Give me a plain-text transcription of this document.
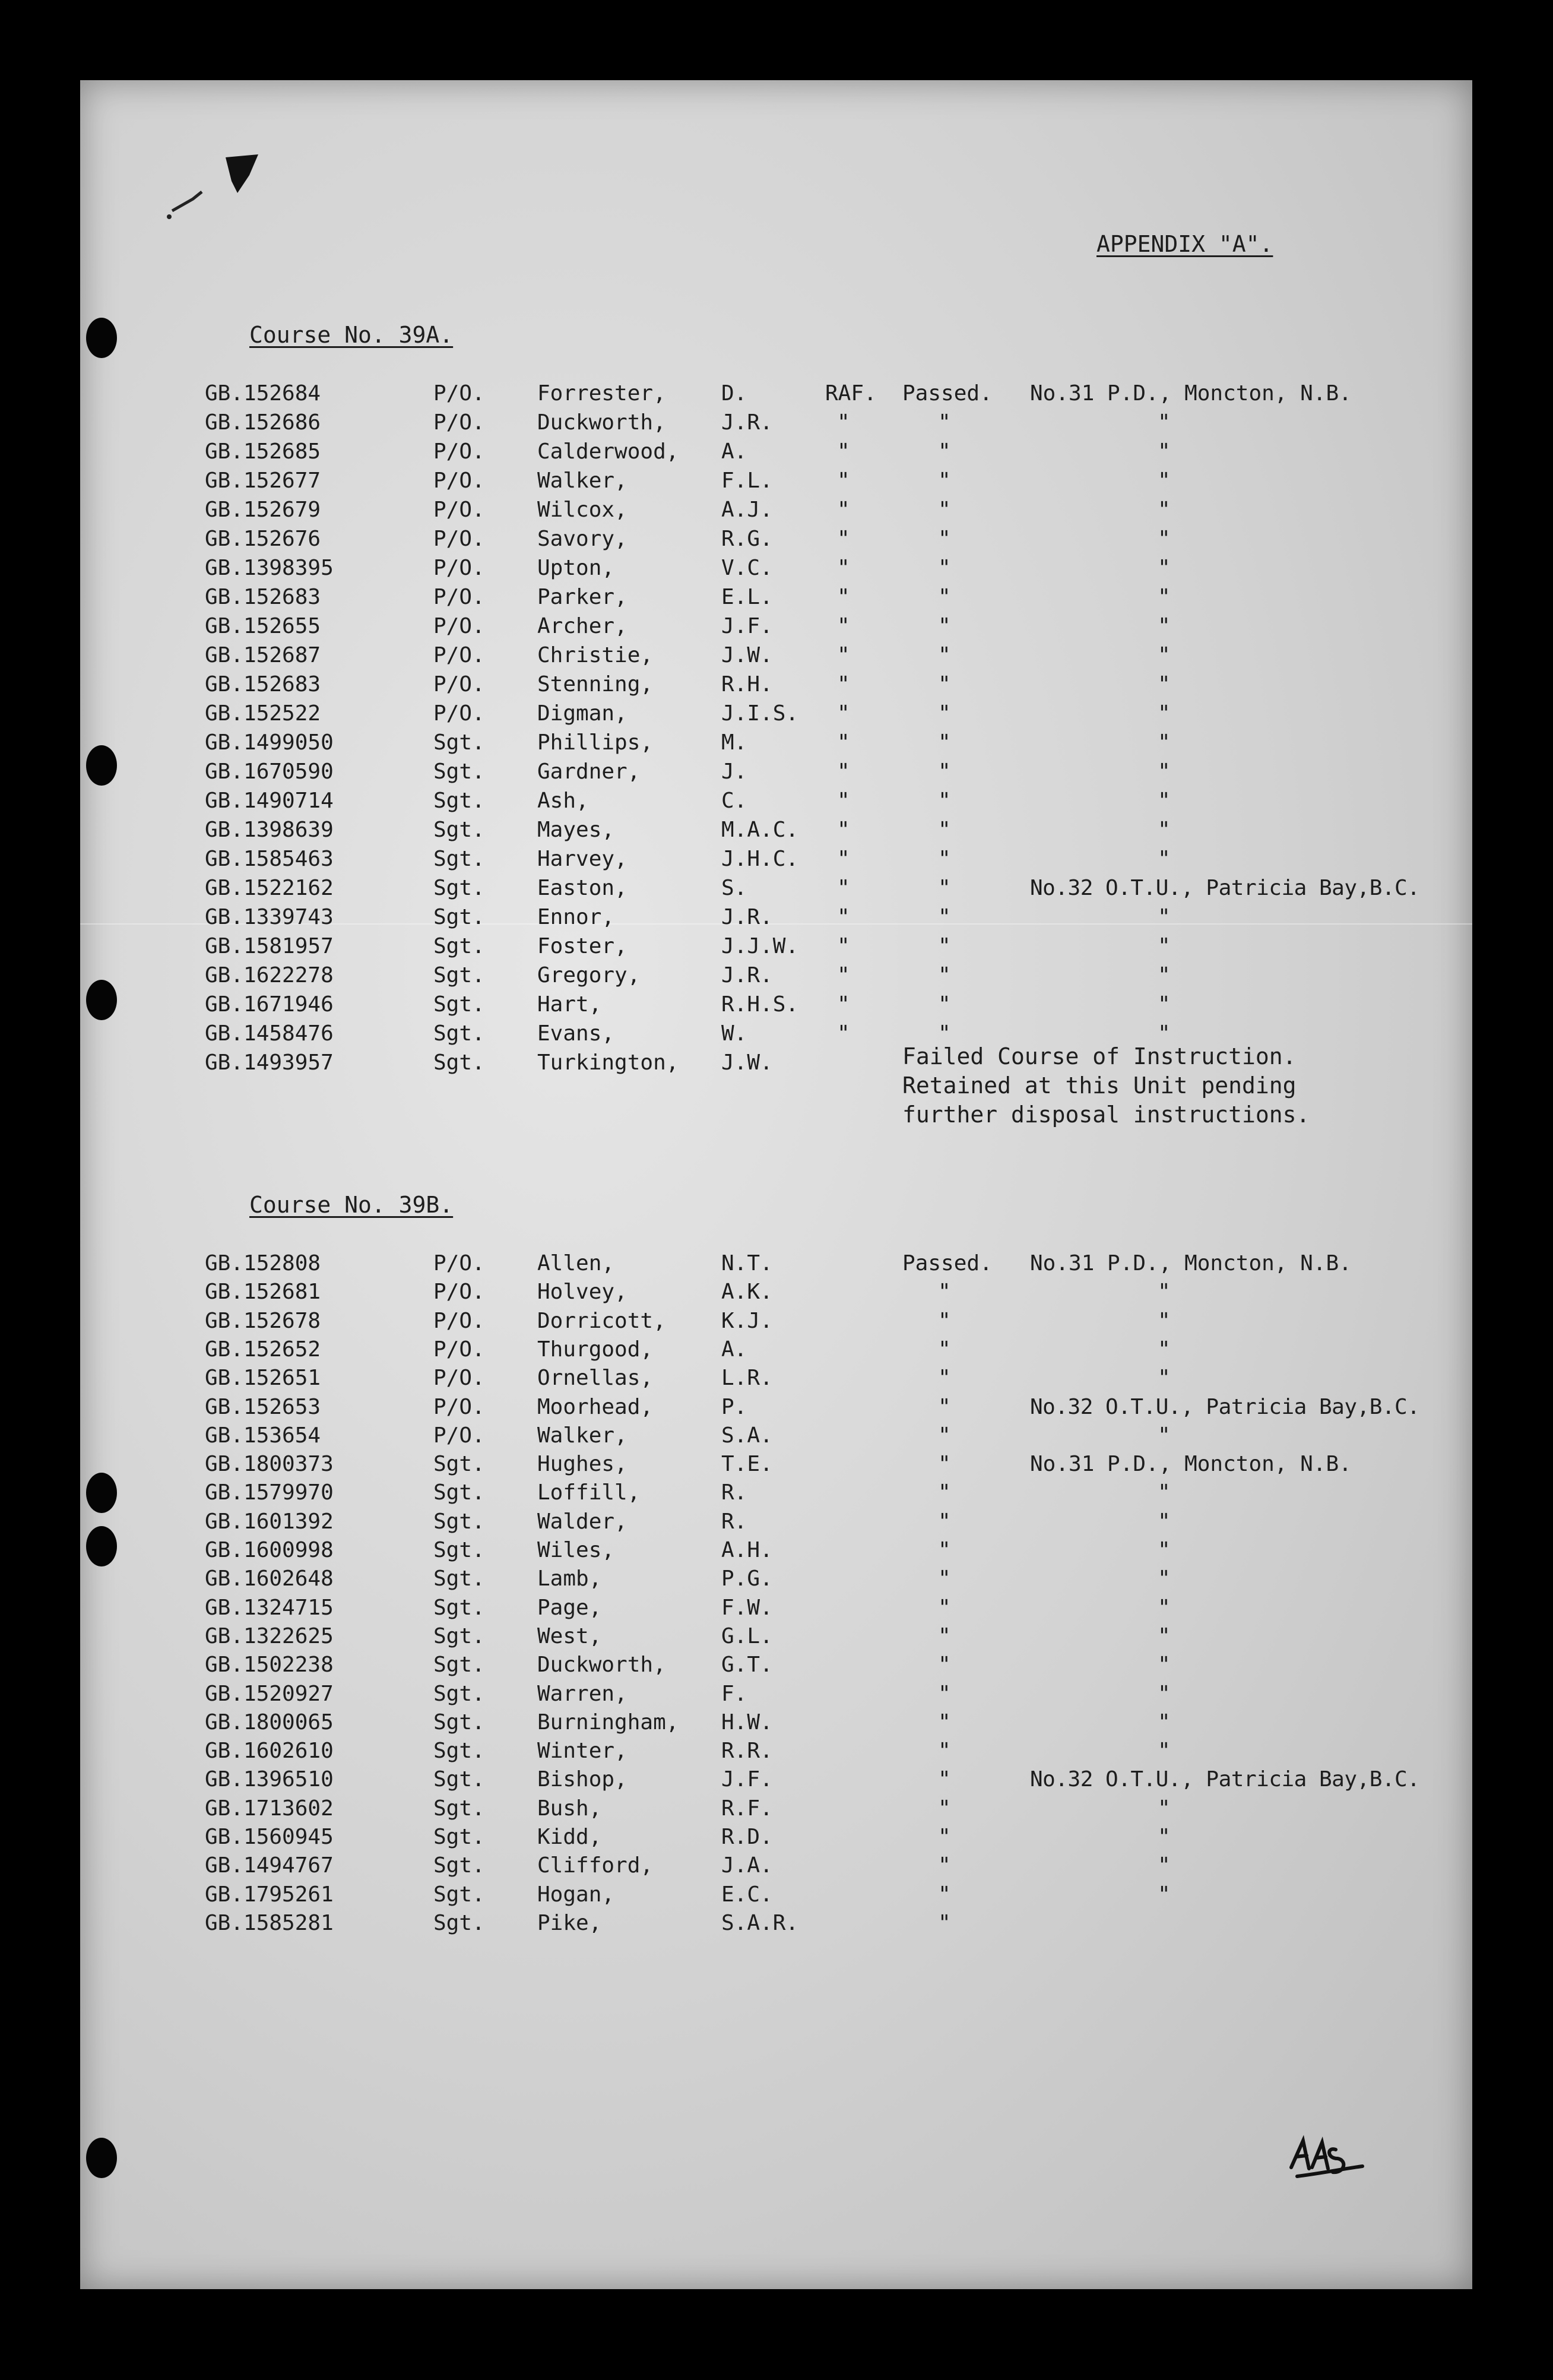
APPENDIX "A".
Course No. 39A.
GB.152684	P/O. Forrester,	D.	RAF. Passed. No.31 P.D., Moncton, N.B.
GB.152686	P/O. Duckworth,	J.R.	"	"	"
GB.152685	P/O. Calderwood, A.	"	"	"
GB.152677	P/O. Walker,	F.L.	"	"	"
GB.152679	P/O. Wilcox,	A.J.	"	"	"
GB.152676	P/O. Savory,	R.G.	"	"	"
GB.1398395	P/O. Upton,	V.C.	"	"	"
GB.152683	P/O. Parker,	E.L.	"	"	"
GB.152655	P/O. Archer,	J.F.	"	"	"
GB.152687	P/O. Christie,	J.W.	"	"	"
GB.152683	P/O. Stenning,	R.H.	"	"	"
GB.152522	P/O. Digman,	J.I.S. "	"	"
GB.1499050	Sgt. Phillips,	M.	"	"	"
GB.1670590	Sgt. Gardner,	J.	"	"	"
GB.1490714	Sgt. Ash,	C.	"	"	"
GB.1398639	Sgt. Mayes,	M.A.C. "	"	"
GB.1585463	Sgt. Harvey,	J.H.C. "	"	"
GB.1522162	Sgt. Easton,	S.	"	"	No.32 O.T.U., Patricia Bay,B.C.
GB.1339743	Sgt. Ennor,	J.R.	"	"	"
GB.1581957	Sgt. Foster,	J.J.W. "	"	"
GB.1622278	Sgt. Gregory,	J.R.	"	"	"
GB.1671946	Sgt. Hart,	R.H.S. "	"	"
GB.1458476	Sgt. Evans,	W.	"	"	"
GB.1493957	Sgt. Turkington, J.W.	Failed Course of Instruction.
Retained at this Unit pending
further disposal instructions.
Course No. 39B.
GB.152808	P/O. Allen,	N.T.	Passed. No.31 P.D., Moncton, N.B.
GB.152681	P/O. Holvey,	A.K.	"	"
GB.152678	P/O. Dorricott,	K.J.	"	"
GB.152652	P/O. Thurgood,	A.	"	"
GB.152651	P/O. Ornellas,	L.R.	"	"
GB.152653	P/O. Moorhead,	P.	"	No.32 O.T.U., Patricia Bay,B.C.
GB.153654	P/O. Walker,	S.A.	"	"
GB.1800373	Sgt. Hughes,	T.E.	"	No.31 P.D., Moncton, N.B.
GB.1579970	Sgt. Loffill,	R.	"	"
GB.1601392	Sgt. Walder,	R.	"	"
GB.1600998	Sgt. Wiles,	A.H.	"	"
GB.1602648	Sgt. Lamb,	P.G.	"	"
GB.1324715	Sgt. Page,	F.W.	"	"
GB.1322625	Sgt. West,	G.L.	"	"
GB.1502238	Sgt. Duckworth,	G.T.	"	"
GB.1520927	Sgt. Warren,	F.	"	"
GB.1800065	Sgt. Burningham, H.W.	"	"
GB.1602610	Sgt. Winter,	R.R.	"	"
GB.1396510	Sgt. Bishop,	J.F.	"	No.32 O.T.U., Patricia Bay,B.C.
GB.1713602	Sgt. Bush,	R.F.	"	"
GB.1560945	Sgt. Kidd,	R.D.	"	"
GB.1494767	Sgt. Clifford,	J.A.	"	"
GB.1795261	Sgt. Hogan,	E.C.	"	"
GB.1585281	Sgt. Pike,	S.A.R.	"
